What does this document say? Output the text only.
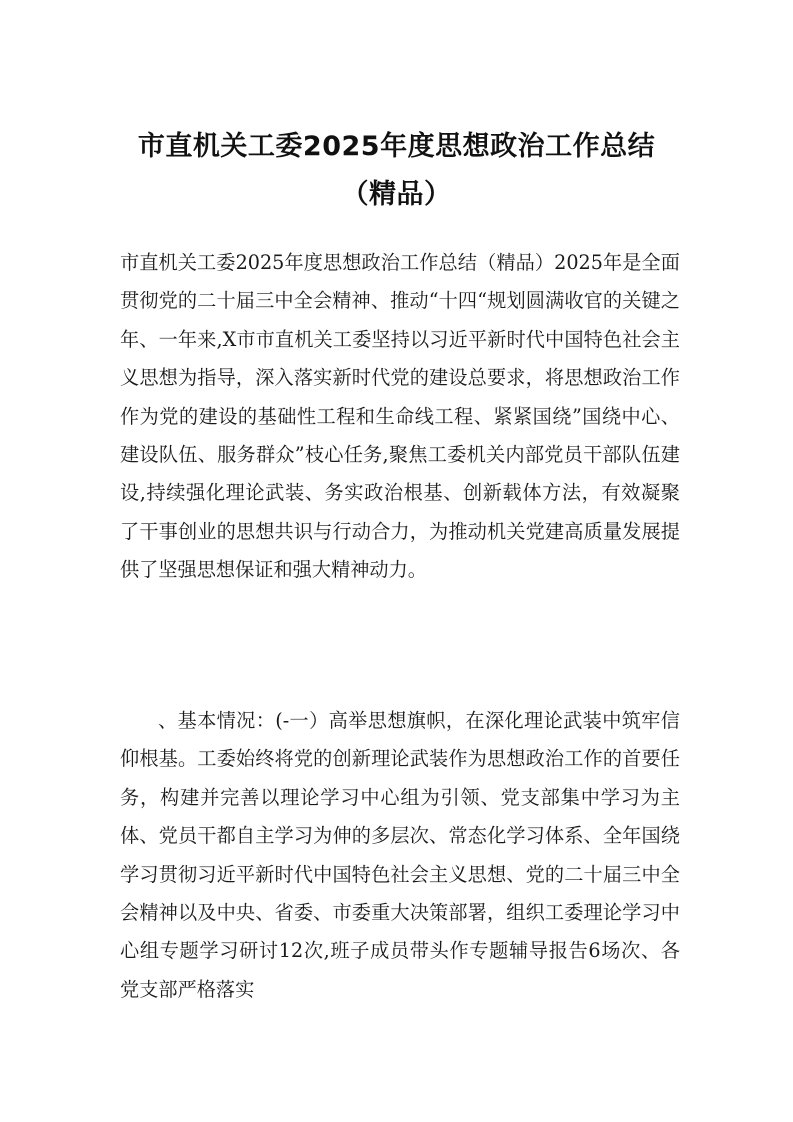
市直机关工委2025年度思想政治工作总结
（精品）

市直机关工委2025年度思想政治工作总结（精品）2025年是全面贯彻党的二十届三中全会精神、推动“十四“规划圆满收官的关键之年、一年来,X市市直机关工委坚持以习近平新时代中国特色社会主义思想为指导，深入落实新时代党的建设总要求，将思想政治工作作为党的建设的基础性工程和生命线工程、紧紧国绕”国绕中心、建设队伍、服务群众”枝心任务,聚焦工委机关内部党员干部队伍建设,持续强化理论武装、务实政治根基、创新载体方法，有效凝聚了干事创业的思想共识与行动合力，为推动机关党建高质量发展提供了坚强思想保证和强大精神动力。

、基本情况：(-一）高举思想旗帜，在深化理论武装中筑牢信仰根基。工委始终将党的创新理论武装作为思想政治工作的首要任务，构建并完善以理论学习中心组为引领、党支部集中学习为主体、党员干都自主学习为伸的多层次、常态化学习体系、全年国绕学习贯彻习近平新时代中国特色社会主义思想、党的二十届三中全会精神以及中央、省委、市委重大决策部署，组织工委理论学习中心组专题学习研讨12次,班子成员带头作专题辅导报告6场次、各党支部严格落实
